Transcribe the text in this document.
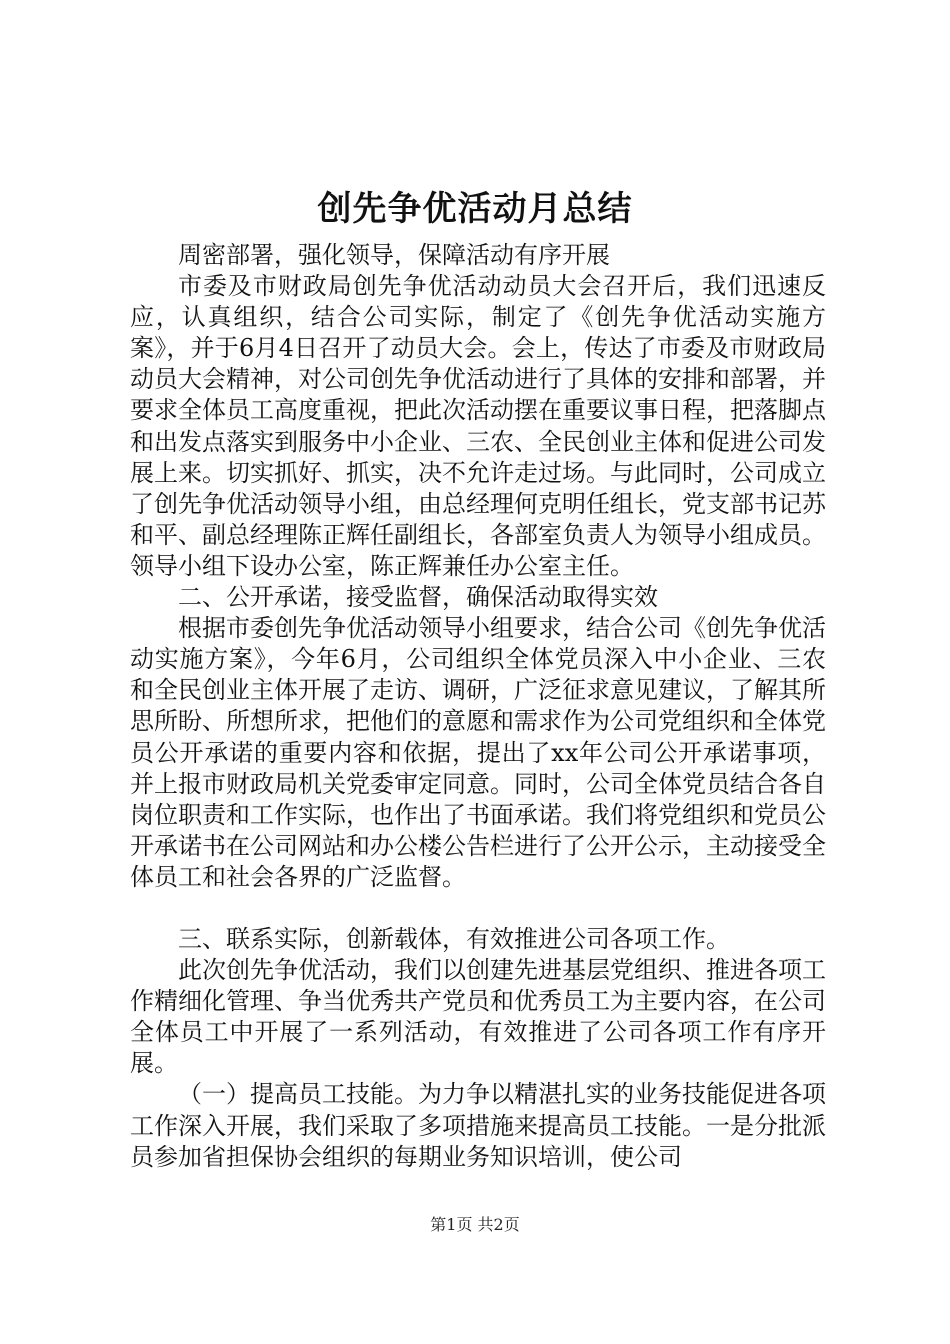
创先争优活动月总结

周密部署，强化领导，保障活动有序开展

市委及市财政局创先争优活动动员大会召开后，我们迅速反应，认真组织，结合公司实际，制定了《创先争优活动实施方案》，并于6月4日召开了动员大会。会上，传达了市委及市财政局动员大会精神，对公司创先争优活动进行了具体的安排和部署，并要求全体员工高度重视，把此次活动摆在重要议事日程，把落脚点和出发点落实到服务中小企业、三农、全民创业主体和促进公司发展上来。切实抓好、抓实，决不允许走过场。与此同时，公司成立了创先争优活动领导小组，由总经理何克明任组长，党支部书记苏和平、副总经理陈正辉任副组长，各部室负责人为领导小组成员。领导小组下设办公室，陈正辉兼任办公室主任。

二、公开承诺，接受监督，确保活动取得实效

根据市委创先争优活动领导小组要求，结合公司《创先争优活动实施方案》，今年6月，公司组织全体党员深入中小企业、三农和全民创业主体开展了走访、调研，广泛征求意见建议，了解其所思所盼、所想所求，把他们的意愿和需求作为公司党组织和全体党员公开承诺的重要内容和依据，提出了xx年公司公开承诺事项，并上报市财政局机关党委审定同意。同时，公司全体党员结合各自岗位职责和工作实际，也作出了书面承诺。我们将党组织和党员公开承诺书在公司网站和办公楼公告栏进行了公开公示，主动接受全体员工和社会各界的广泛监督。

三、联系实际，创新载体，有效推进公司各项工作。

此次创先争优活动，我们以创建先进基层党组织、推进各项工作精细化管理、争当优秀共产党员和优秀员工为主要内容，在公司全体员工中开展了一系列活动，有效推进了公司各项工作有序开展。

（一）提高员工技能。为力争以精湛扎实的业务技能促进各项工作深入开展，我们采取了多项措施来提高员工技能。一是分批派员参加省担保协会组织的每期业务知识培训，使公司

第1页 共2页
